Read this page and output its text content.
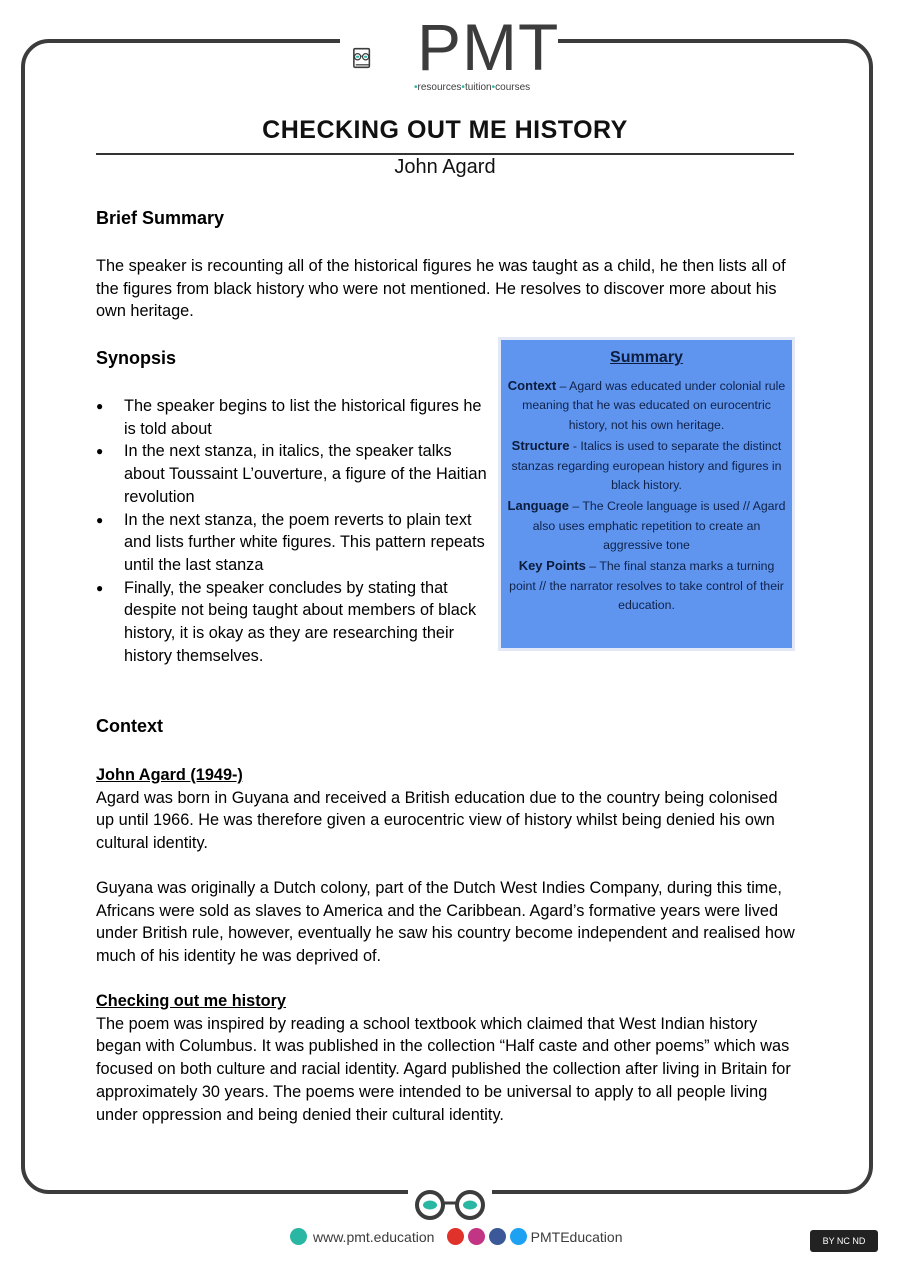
PMT
•resources•tuition•courses
CHECKING OUT ME HISTORY
John Agard
Brief Summary
The speaker is recounting all of the historical figures he was taught as a child, he then lists all of the figures from black history who were not mentioned. He resolves to discover more about his own heritage.
Synopsis
● The speaker begins to list the historical figures he is told about
● In the next stanza, in italics, the speaker talks about Toussaint L’ouverture, a figure of the Haitian revolution
● In the next stanza, the poem reverts to plain text and lists further white figures. This pattern repeats until the last stanza
● Finally, the speaker concludes by stating that despite not being taught about members of black history, it is okay as they are researching their history themselves.
Summary
Context – Agard was educated under colonial rule meaning that he was educated on eurocentric history, not his own heritage.
Structure - Italics is used to separate the distinct stanzas regarding european history and figures in black history.
Language – The Creole language is used // Agard also uses emphatic repetition to create an aggressive tone
Key Points – The final stanza marks a turning point // the narrator resolves to take control of their education.
Context
John Agard (1949-)
Agard was born in Guyana and received a British education due to the country being colonised up until 1966. He was therefore given a eurocentric view of history whilst being denied his own cultural identity.
Guyana was originally a Dutch colony, part of the Dutch West Indies Company, during this time, Africans were sold as slaves to America and the Caribbean. Agard’s formative years were lived under British rule, however, eventually he saw his country become independent and realised how much of his identity he was deprived of.
Checking out me history
The poem was inspired by reading a school textbook which claimed that West Indian history began with Columbus. It was published in the collection “Half caste and other poems” which was focused on both culture and racial identity. Agard published the collection after living in Britain for approximately 30 years. The poems were intended to be universal to apply to all people living under oppression and being denied their cultural identity.
www.pmt.education	PMTEducation	BY NC ND
